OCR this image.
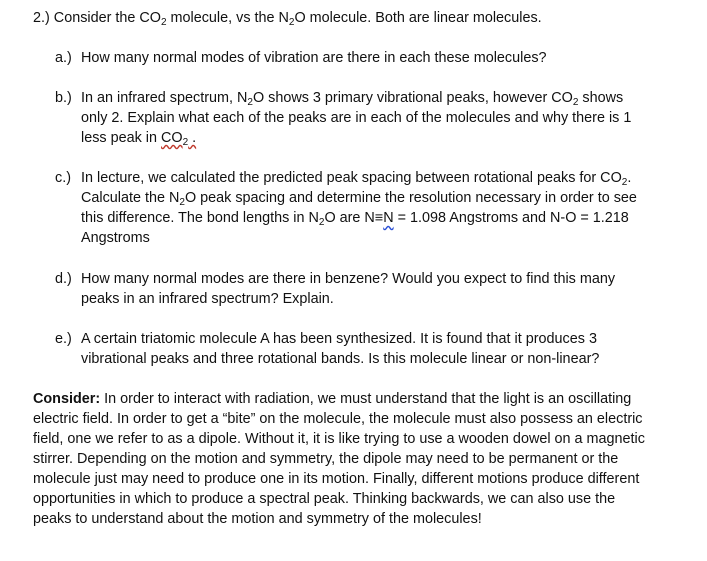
2.) Consider the $CO_2$ molecule, vs the $N_2O$ molecule. Both are linear molecules.
a.) How many normal modes of vibration are there in each these molecules?
b.) In an infrared spectrum, $N_2O$ shows 3 primary vibrational peaks, however $CO_2$ shows
only 2. Explain what each of the peaks are in each of the molecules and why there is 1
less peak in $CO_2$ .
c.) In lecture, we calculated the predicted peak spacing between rotational peaks for $CO_2$.
Calculate the $N_2O$ peak spacing and determine the resolution necessary in order to see
this difference. The bond lengths in $N_2O$ are N≡N = 1.098 Angstroms and N-O = 1.218
Angstroms
d.) How many normal modes are there in benzene? Would you expect to find this many
peaks in an infrared spectrum? Explain.
e.) A certain triatomic molecule A has been synthesized. It is found that it produces 3
vibrational peaks and three rotational bands. Is this molecule linear or non-linear?
Consider: In order to interact with radiation, we must understand that the light is an oscillating
electric field. In order to get a “bite” on the molecule, the molecule must also possess an electric
field, one we refer to as a dipole. Without it, it is like trying to use a wooden dowel on a magnetic
stirrer. Depending on the motion and symmetry, the dipole may need to be permanent or the
molecule just may need to produce one in its motion. Finally, different motions produce different
opportunities in which to produce a spectral peak. Thinking backwards, we can also use the
peaks to understand about the motion and symmetry of the molecules!
